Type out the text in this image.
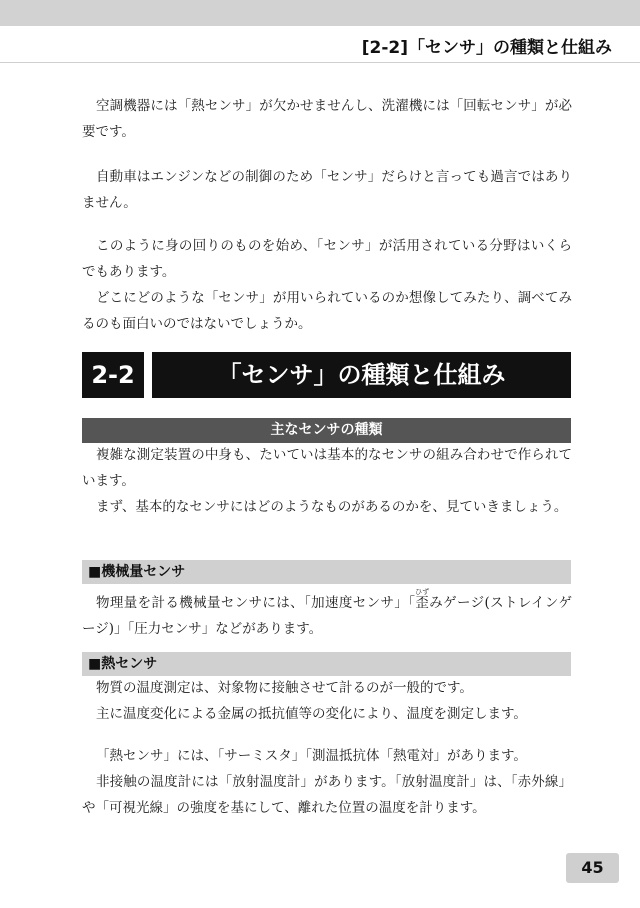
[2-2]「センサ」の種類と仕組み

空調機器には「熱センサ」が欠かせませんし、洗濯機には「回転センサ」が必要です。

自動車はエンジンなどの制御のため「センサ」だらけと言っても過言ではありません。

このように身の回りのものを始め、「センサ」が活用されている分野はいくらでもあります。

どこにどのような「センサ」が用いられているのか想像してみたり、調べてみるのも面白いのではないでしょうか。

2-2	「センサ」の種類と仕組み
主なセンサの種類

複雑な測定装置の中身も、たいていは基本的なセンサの組み合わせで作られています。

まず、基本的なセンサにはどのようなものがあるのかを、見ていきましょう。

■機械量センサ

物理量を計る機械量センサには、「加速度センサ」「歪ひずみゲージ(ストレインゲージ)」「圧力センサ」などがあります。

■熱センサ

物質の温度測定は、対象物に接触させて計るのが一般的です。

主に温度変化による金属の抵抗値等の変化により、温度を測定します。

「熱センサ」には、「サーミスタ」「測温抵抗体「熱電対」があります。

非接触の温度計には「放射温度計」があります。「放射温度計」は、「赤外線」や「可視光線」の強度を基にして、離れた位置の温度を計ります。

45
